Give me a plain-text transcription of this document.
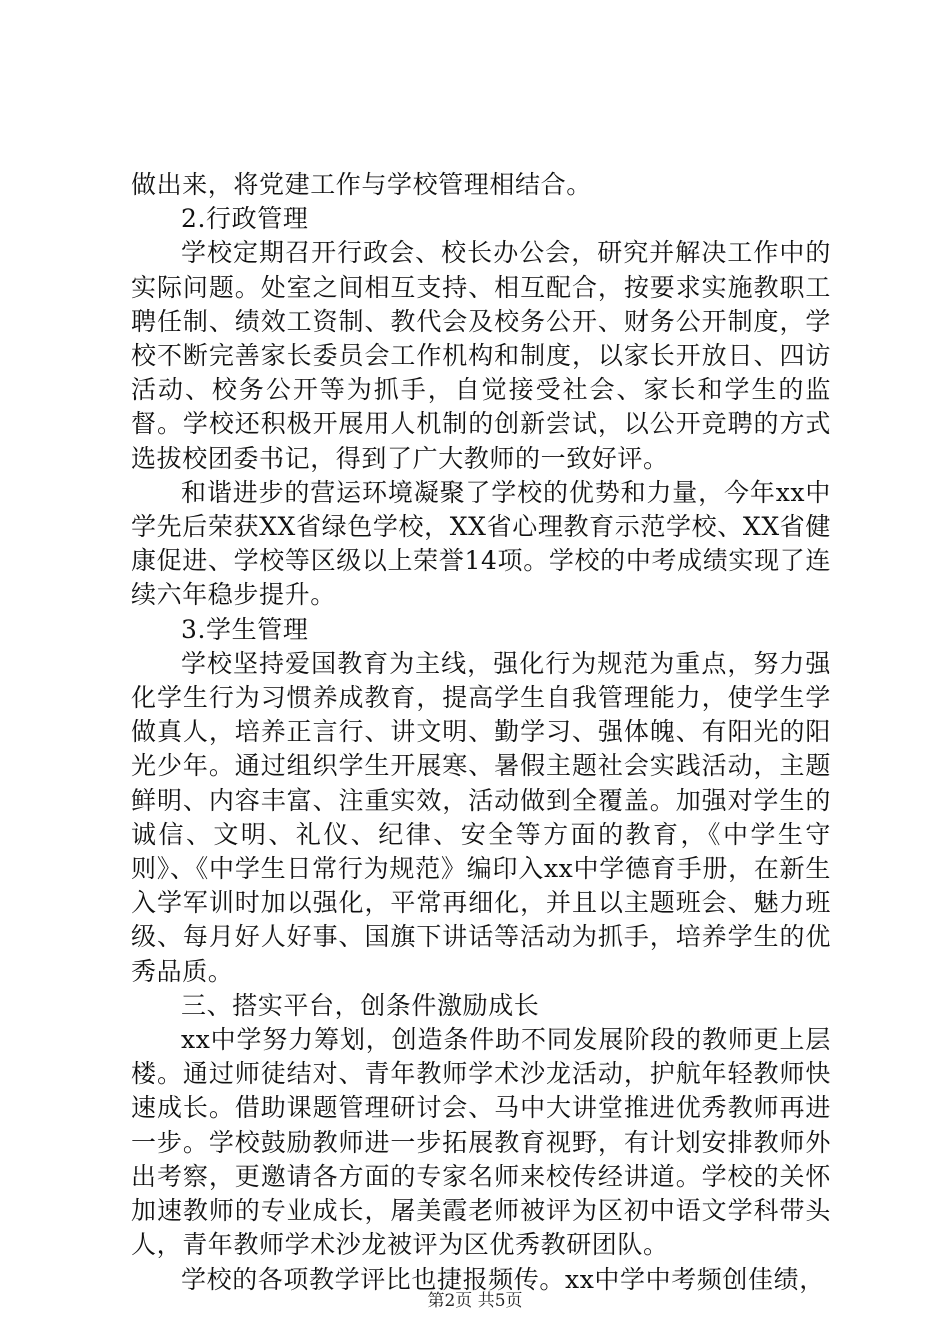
做出来，将党建工作与学校管理相结合。

2.行政管理

学校定期召开行政会、校长办公会，研究并解决工作中的实际问题。处室之间相互支持、相互配合，按要求实施教职工聘任制、绩效工资制、教代会及校务公开、财务公开制度，学校不断完善家长委员会工作机构和制度，以家长开放日、四访活动、校务公开等为抓手，自觉接受社会、家长和学生的监督。学校还积极开展用人机制的创新尝试，以公开竞聘的方式选拔校团委书记，得到了广大教师的一致好评。

和谐进步的营运环境凝聚了学校的优势和力量，今年xx中学先后荣获XX省绿色学校，XX省心理教育示范学校、XX省健康促进、学校等区级以上荣誉14项。学校的中考成绩实现了连续六年稳步提升。

3.学生管理

学校坚持爱国教育为主线，强化行为规范为重点，努力强化学生行为习惯养成教育，提高学生自我管理能力，使学生学做真人，培养正言行、讲文明、勤学习、强体魄、有阳光的阳光少年。通过组织学生开展寒、暑假主题社会实践活动，主题鲜明、内容丰富、注重实效，活动做到全覆盖。加强对学生的诚信、文明、礼仪、纪律、安全等方面的教育，《中学生守则》、《中学生日常行为规范》编印入xx中学德育手册，在新生入学军训时加以强化，平常再细化，并且以主题班会、魅力班级、每月好人好事、国旗下讲话等活动为抓手，培养学生的优秀品质。

三、搭实平台，创条件激励成长

xx中学努力筹划，创造条件助不同发展阶段的教师更上层楼。通过师徒结对、青年教师学术沙龙活动，护航年轻教师快速成长。借助课题管理研讨会、马中大讲堂推进优秀教师再进一步。学校鼓励教师进一步拓展教育视野，有计划安排教师外出考察，更邀请各方面的专家名师来校传经讲道。学校的关怀加速教师的专业成长，屠美霞老师被评为区初中语文学科带头人，青年教师学术沙龙被评为区优秀教研团队。

学校的各项教学评比也捷报频传。xx中学中考频创佳绩，

第2页 共5页
